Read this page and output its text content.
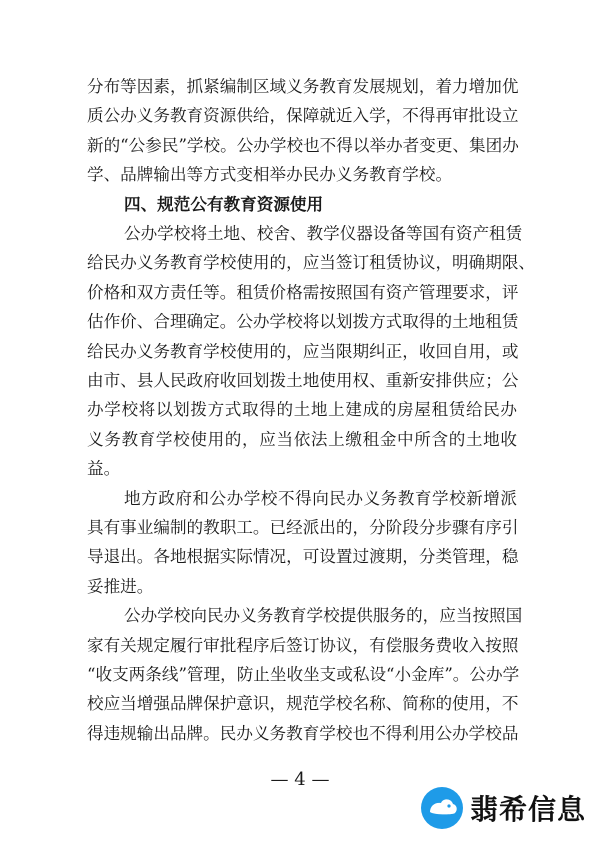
分布等因素，抓紧编制区域义务教育发展规划，着力增加优
质公办义务教育资源供给，保障就近入学，不得再审批设立
新的“公参民”学校。公办学校也不得以举办者变更、集团办
学、品牌输出等方式变相举办民办义务教育学校。
四、规范公有教育资源使用
公办学校将土地、校舍、教学仪器设备等国有资产租赁
给民办义务教育学校使用的，应当签订租赁协议，明确期限、
价格和双方责任等。租赁价格需按照国有资产管理要求，评
估作价、合理确定。公办学校将以划拨方式取得的土地租赁
给民办义务教育学校使用的，应当限期纠正，收回自用，或
由市、县人民政府收回划拨土地使用权、重新安排供应；公
办学校将以划拨方式取得的土地上建成的房屋租赁给民办
义务教育学校使用的，应当依法上缴租金中所含的土地收
益。
地方政府和公办学校不得向民办义务教育学校新增派
具有事业编制的教职工。已经派出的，分阶段分步骤有序引
导退出。各地根据实际情况，可设置过渡期，分类管理，稳
妥推进。
公办学校向民办义务教育学校提供服务的，应当按照国
家有关规定履行审批程序后签订协议，有偿服务费收入按照
“收支两条线”管理，防止坐收坐支或私设“小金库”。公办学
校应当增强品牌保护意识，规范学校名称、简称的使用，不
得违规输出品牌。民办义务教育学校也不得利用公办学校品
— 4 —
翡希信息
